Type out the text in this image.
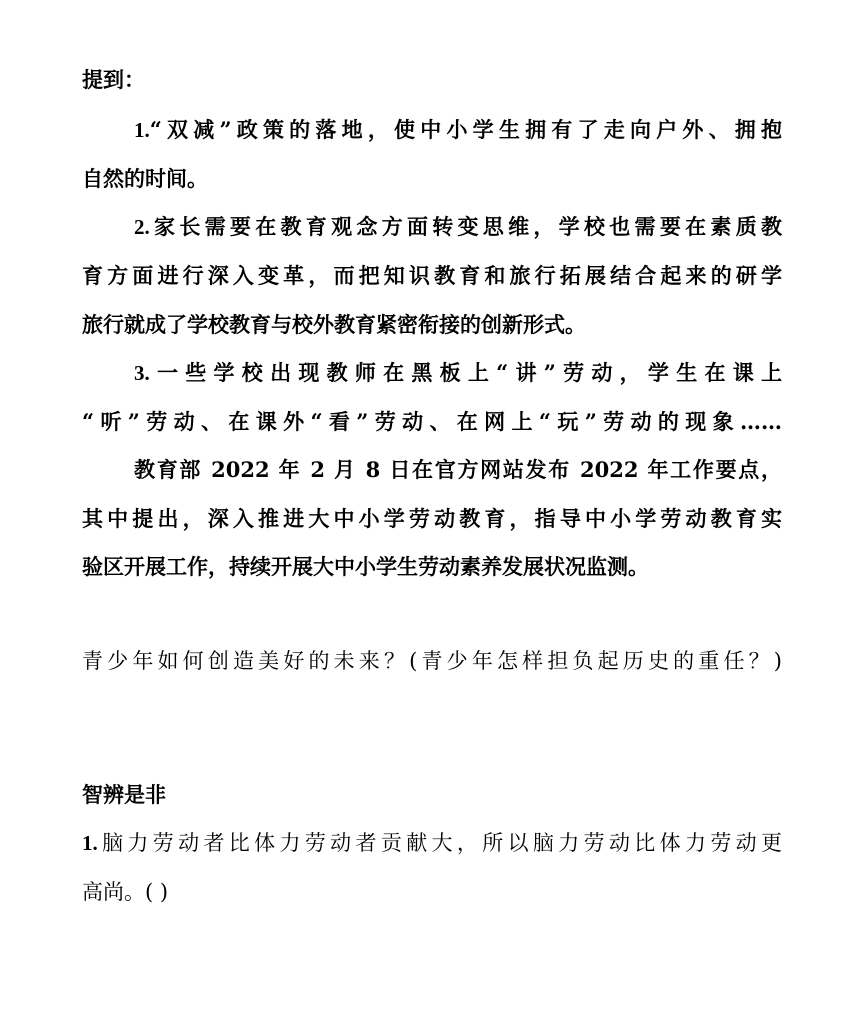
提到：
1.“双减”政策的落地，使中小学生拥有了走向户外、拥抱
自然的时间。
2.家长需要在教育观念方面转变思维，学校也需要在素质教
育方面进行深入变革，而把知识教育和旅行拓展结合起来的研学
旅行就成了学校教育与校外教育紧密衔接的创新形式。
3.一些学校出现教师在黑板上“讲”劳动，学生在课上
“听”劳动、在课外“看”劳动、在网上“玩”劳动的现象……
教育部 2022 年 2 月 8 日在官方网站发布 2022 年工作要点，
其中提出，深入推进大中小学劳动教育，指导中小学劳动教育实
验区开展工作，持续开展大中小学生劳动素养发展状况监测。
青少年如何创造美好的未来？(青少年怎样担负起历史的重任？)
智辨是非
1.脑力劳动者比体力劳动者贡献大，所以脑力劳动比体力劳动更
高尚。( )
